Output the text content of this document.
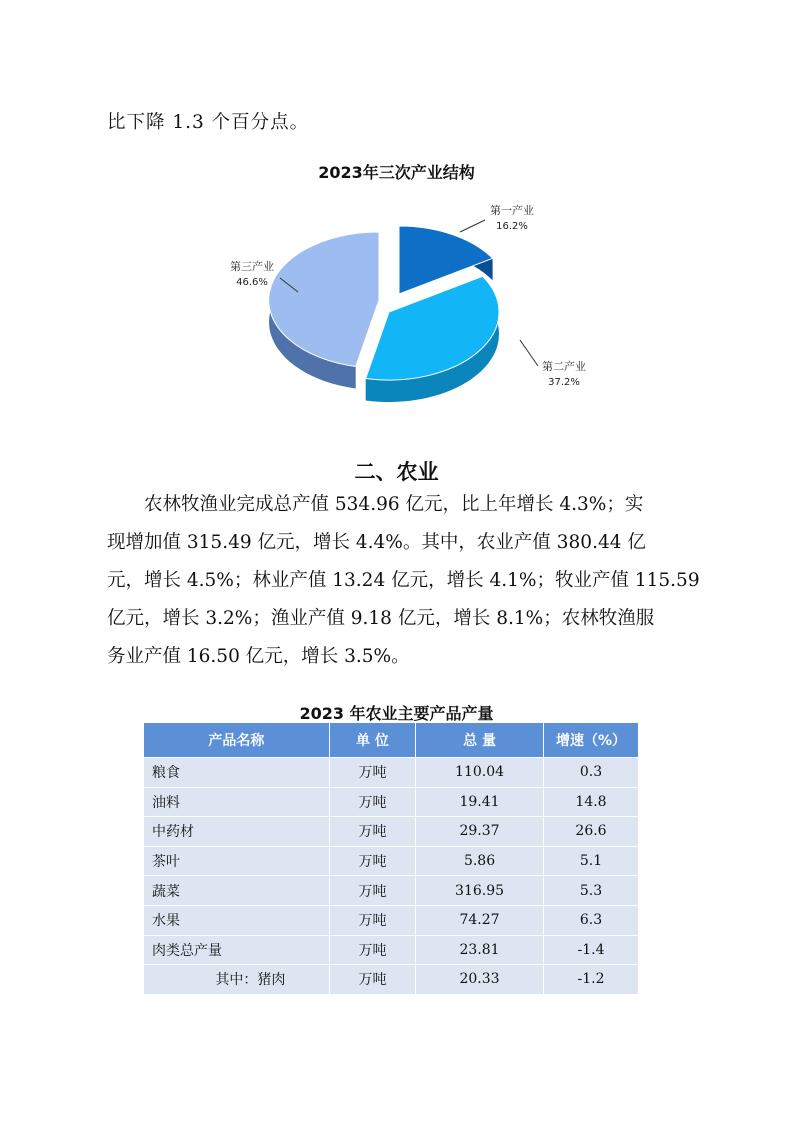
比下降 1.3 个百分点。
2023年三次产业结构
第一产业
16.2%
第二产业
37.2%
第三产业
46.6%
二、农业
　　农林牧渔业完成总产值 534.96 亿元，比上年增长 4.3%；实
现增加值 315.49 亿元，增长 4.4%。其中，农业产值 380.44 亿
元，增长 4.5%；林业产值 13.24 亿元，增长 4.1%；牧业产值 115.59
亿元，增长 3.2%；渔业产值 9.18 亿元，增长 8.1%；农林牧渔服
务业产值 16.50 亿元，增长 3.5%。
2023 年农业主要产品产量
产品名称	单 位	总 量	增速（%）
粮食	万吨	110.04	0.3
油料	万吨	19.41	14.8
中药材	万吨	29.37	26.6
茶叶	万吨	5.86	5.1
蔬菜	万吨	316.95	5.3
水果	万吨	74.27	6.3
肉类总产量	万吨	23.81	-1.4
其中：猪肉	万吨	20.33	-1.2
